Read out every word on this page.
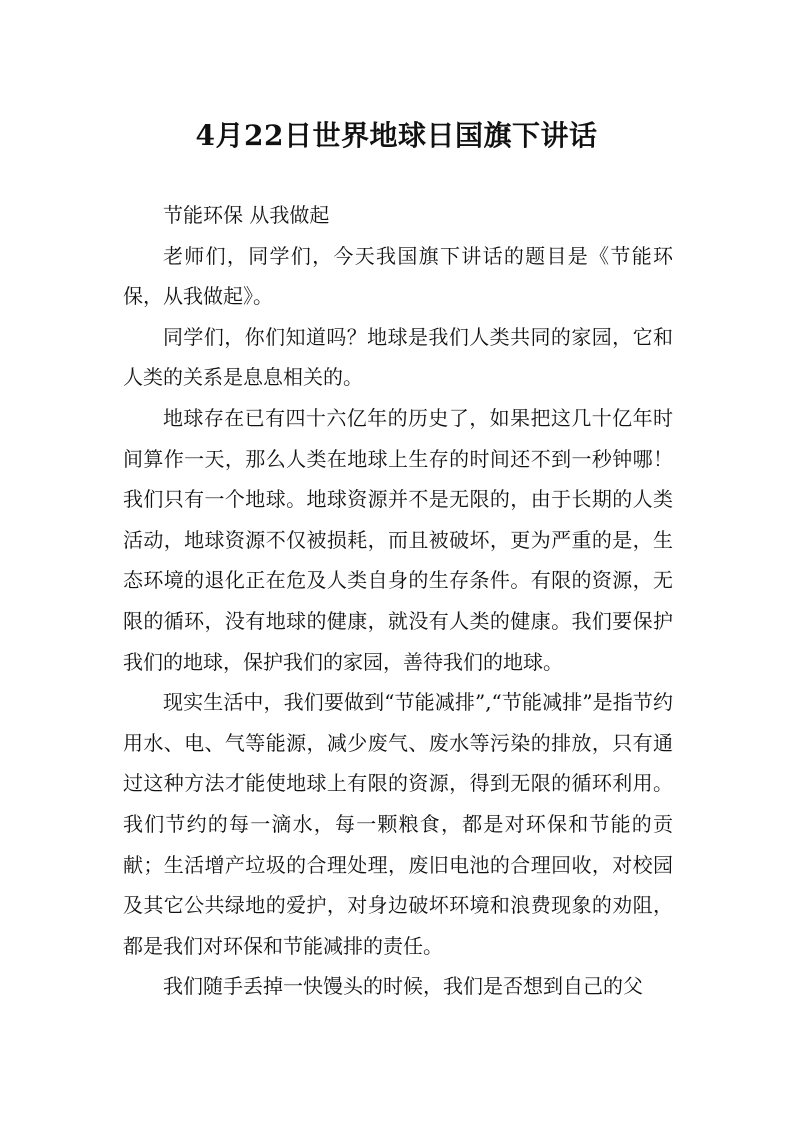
4月22日世界地球日国旗下讲话

节能环保 从我做起

老师们，同学们，今天我国旗下讲话的题目是《节能环保，从我做起》。

同学们，你们知道吗？地球是我们人类共同的家园，它和人类的关系是息息相关的。

地球存在已有四十六亿年的历史了，如果把这几十亿年时间算作一天，那么人类在地球上生存的时间还不到一秒钟哪！我们只有一个地球。地球资源并不是无限的，由于长期的人类活动，地球资源不仅被损耗，而且被破坏，更为严重的是，生态环境的退化正在危及人类自身的生存条件。有限的资源，无限的循环，没有地球的健康，就没有人类的健康。我们要保护我们的地球，保护我们的家园，善待我们的地球。

现实生活中，我们要做到“节能减排”,“节能减排”是指节约用水、电、气等能源，减少废气、废水等污染的排放，只有通过这种方法才能使地球上有限的资源，得到无限的循环利用。 我们节约的每一滴水，每一颗粮食，都是对环保和节能的贡献；生活增产垃圾的合理处理，废旧电池的合理回收，对校园及其它公共绿地的爱护，对身边破坏环境和浪费现象的劝阻，都是我们对环保和节能减排的责任。

我们随手丢掉一快馒头的时候，我们是否想到自己的父
